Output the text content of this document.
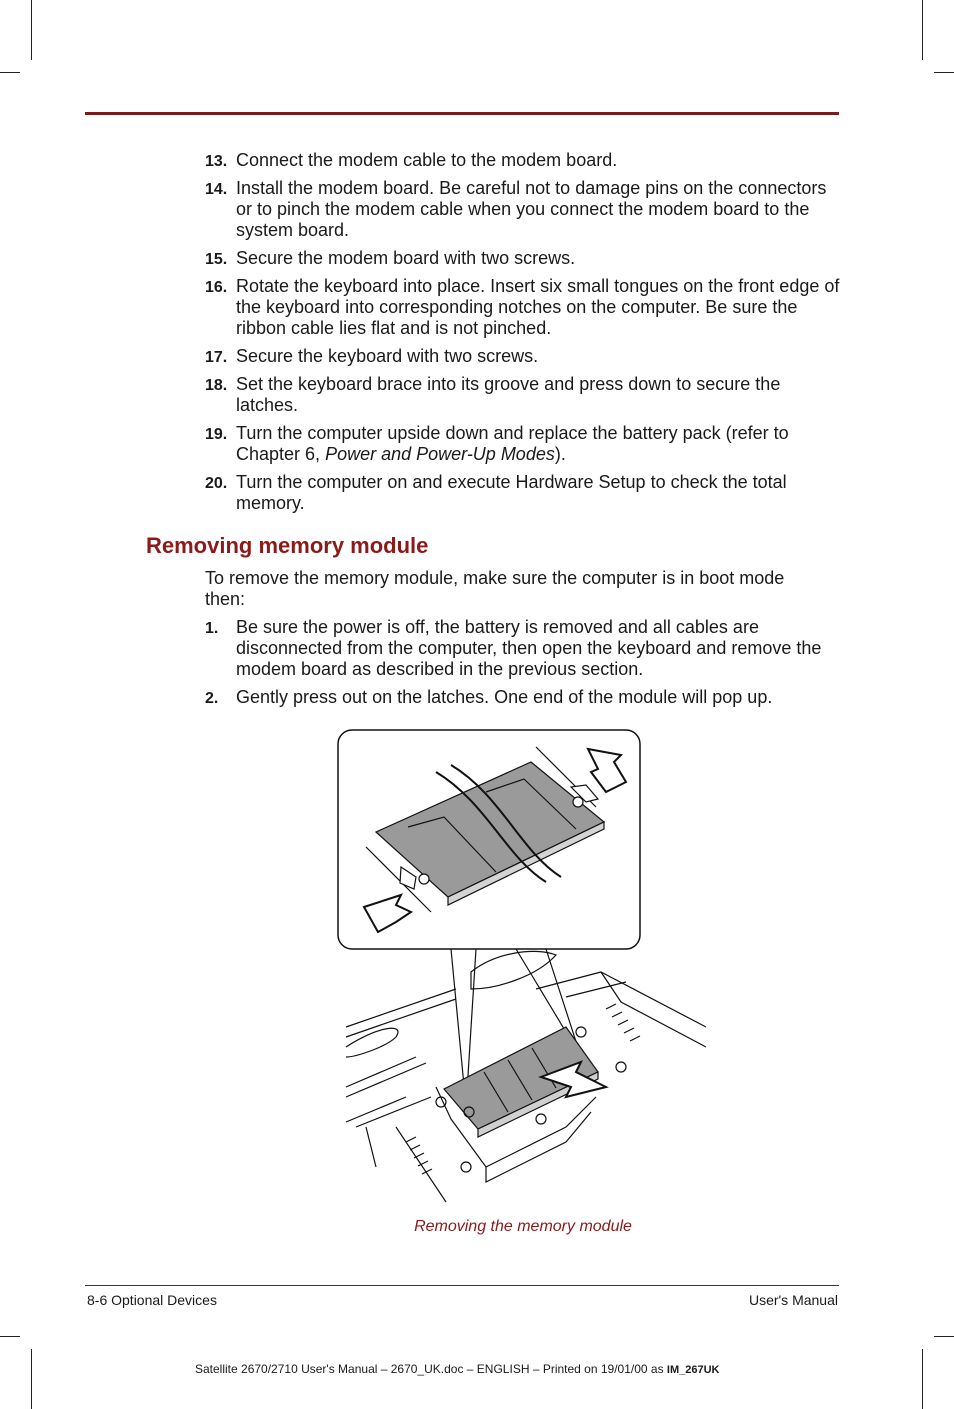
13. Connect the modem cable to the modem board.
14. Install the modem board. Be careful not to damage pins on the connectors or to pinch the modem cable when you connect the modem board to the system board.
15. Secure the modem board with two screws.
16. Rotate the keyboard into place. Insert six small tongues on the front edge of the keyboard into corresponding notches on the computer. Be sure the ribbon cable lies flat and is not pinched.
17. Secure the keyboard with two screws.
18. Set the keyboard brace into its groove and press down to secure the latches.
19. Turn the computer upside down and replace the battery pack (refer to Chapter 6, Power and Power-Up Modes).
20. Turn the computer on and execute Hardware Setup to check the total memory.
Removing memory module

To remove the memory module, make sure the computer is in boot mode then:

1. Be sure the power is off, the battery is removed and all cables are disconnected from the computer, then open the keyboard and remove the modem board as described in the previous section.
2. Gently press out on the latches. One end of the module will pop up.
Removing the memory module
8-6 Optional Devices	User's Manual
Satellite 2670/2710 User's Manual – 2670_UK.doc – ENGLISH – Printed on 19/01/00 as IM_267UK
